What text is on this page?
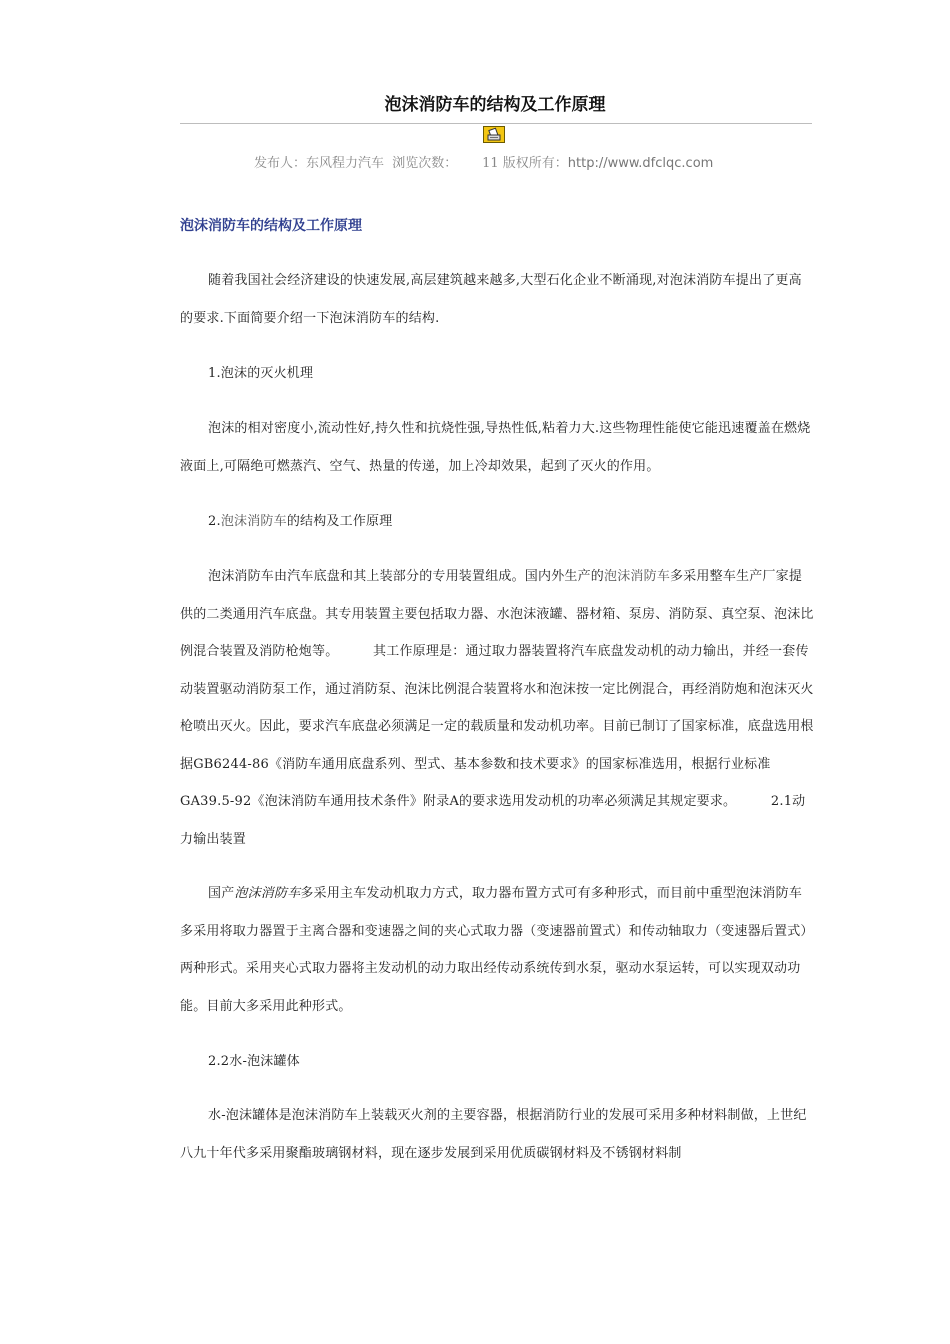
泡沫消防车的结构及工作原理
发布人：东风程力汽车  浏览次数： 11 版权所有：http://www.dfclqc.com
泡沫消防车的结构及工作原理

随着我国社会经济建设的快速发展,高层建筑越来越多,大型石化企业不断涌现,对泡沫消防车提出了更高的要求.下面简要介绍一下泡沫消防车的结构.

1.泡沫的灭火机理

泡沫的相对密度小,流动性好,持久性和抗烧性强,导热性低,粘着力大.这些物理性能使它能迅速覆盖在燃烧液面上,可隔绝可燃蒸汽、空气、热量的传递，加上冷却效果，起到了灭火的作用。

2.泡沫消防车的结构及工作原理

泡沫消防车由汽车底盘和其上装部分的专用装置组成。国内外生产的泡沫消防车多采用整车生产厂家提供的二类通用汽车底盘。其专用装置主要包括取力器、水泡沫液罐、器材箱、泵房、消防泵、真空泵、泡沫比例混合装置及消防枪炮等。        其工作原理是：通过取力器装置将汽车底盘发动机的动力输出，并经一套传动装置驱动消防泵工作，通过消防泵、泡沫比例混合装置将水和泡沫按一定比例混合，再经消防炮和泡沫灭火枪喷出灭火。因此，要求汽车底盘必须满足一定的载质量和发动机功率。目前已制订了国家标准，底盘选用根据GB6244-86《消防车通用底盘系列、型式、基本参数和技术要求》的国家标准选用，根据行业标准GA39.5-92《泡沫消防车通用技术条件》附录A的要求选用发动机的功率必须满足其规定要求。        2.1动力输出装置

国产泡沫消防车多采用主车发动机取力方式，取力器布置方式可有多种形式，而目前中重型泡沫消防车多采用将取力器置于主离合器和变速器之间的夹心式取力器（变速器前置式）和传动轴取力（变速器后置式）两种形式。采用夹心式取力器将主发动机的动力取出经传动系统传到水泵，驱动水泵运转，可以实现双动功能。目前大多采用此种形式。

2.2水-泡沫罐体

水-泡沫罐体是泡沫消防车上装载灭火剂的主要容器，根据消防行业的发展可采用多种材料制做，上世纪八九十年代多采用聚酯玻璃钢材料，现在逐步发展到采用优质碳钢材料及不锈钢材料制
